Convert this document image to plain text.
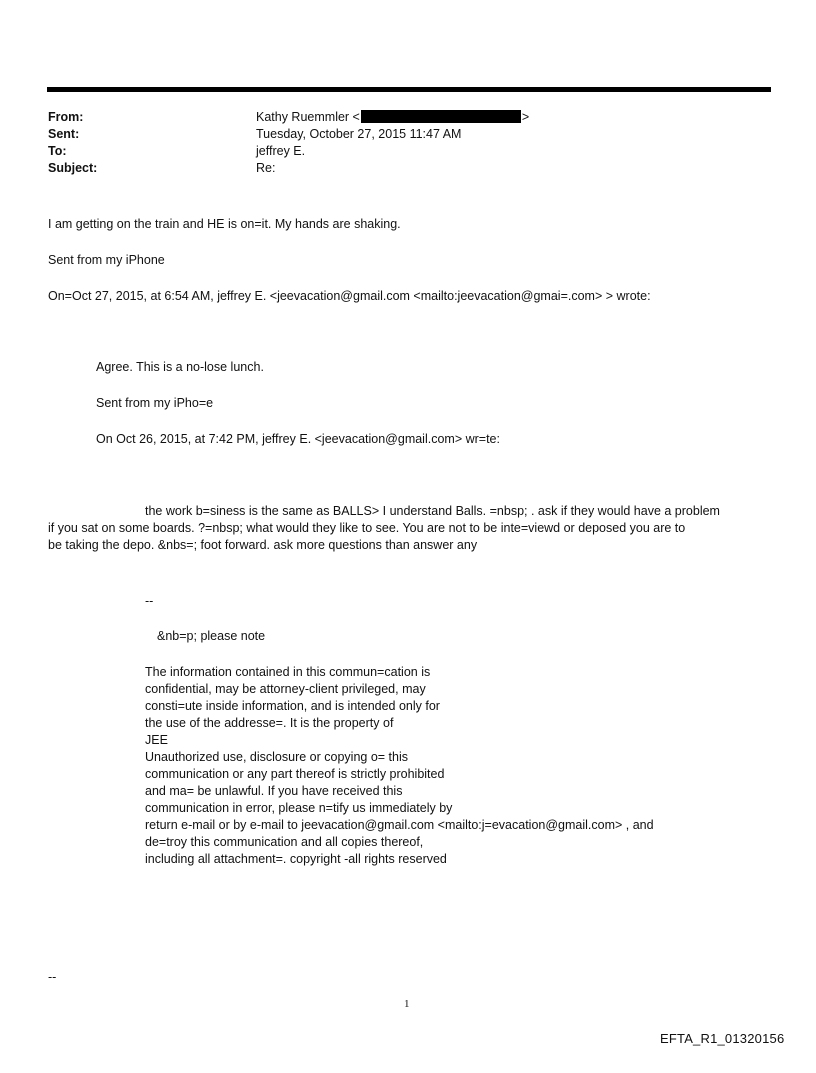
From:	Kathy Ruemmler <	>
Sent:	Tuesday, October 27, 2015 11:47 AM
To:	jeffrey E.
Subject:	Re:
I am getting on the train and HE is on=it. My hands are shaking.
Sent from my iPhone
On=Oct 27, 2015, at 6:54 AM, jeffrey E. <jeevacation@gmail.com <mailto:jeevacation@gmai=.com> > wrote:
Agree. This is a no-lose lunch.
Sent from my iPho=e
On Oct 26, 2015, at 7:42 PM, jeffrey E. <jeevacation@gmail.com> wr=te:
the work b=siness is the same as BALLS> I understand Balls. =nbsp; . ask if they would have a problem
if you sat on some boards. ?=nbsp; what would they like to see. You are not to be inte=viewd or deposed you are to
be taking the depo. &nbs=; foot forward. ask more questions than answer any
--
&nb=p; please note
The information contained in this commun=cation is
confidential, may be attorney-client privileged, may
consti=ute inside information, and is intended only for
the use of the addresse=. It is the property of
JEE
Unauthorized use, disclosure or copying o= this
communication or any part thereof is strictly prohibited
and ma= be unlawful. If you have received this
communication in error, please n=tify us immediately by
return e-mail or by e-mail to jeevacation@gmail.com <mailto:j=evacation@gmail.com> , and
de=troy this communication and all copies thereof,
including all attachment=. copyright -all rights reserved
--
1
EFTA_R1_01320156
